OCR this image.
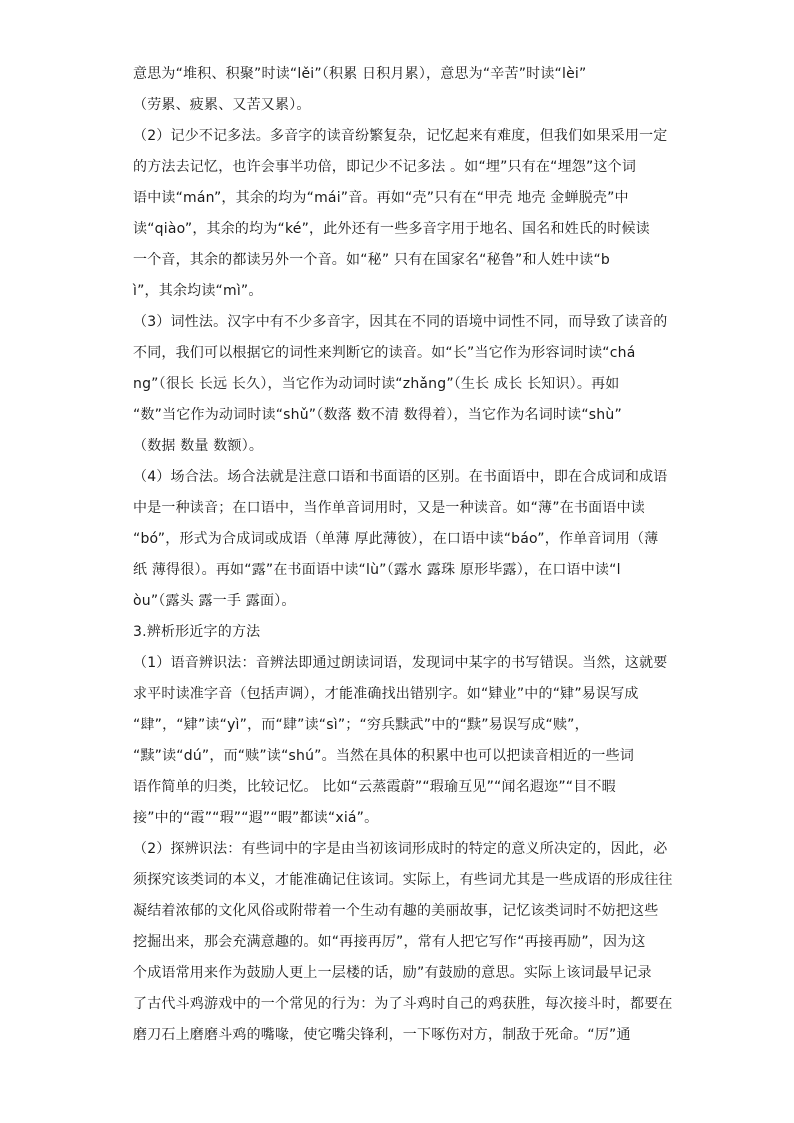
意思为“堆积、积聚”时读“lěi”（积累 日积月累），意思为“辛苦”时读“lèi”
（劳累、疲累、又苦又累）。
（2）记少不记多法。多音字的读音纷繁复杂，记忆起来有难度，但我们如果采用一定
的方法去记忆，也许会事半功倍，即记少不记多法 。如“埋”只有在“埋怨”这个词
语中读“mán”，其余的均为“mái”音。再如“壳”只有在“甲壳 地壳 金蝉脱壳”中
读“qiào”，其余的均为“ké”，此外还有一些多音字用于地名、国名和姓氏的时候读
一个音，其余的都读另外一个音。如“秘” 只有在国家名“秘鲁”和人姓中读“b
ì”，其余均读“mì”。
（3）词性法。汉字中有不少多音字，因其在不同的语境中词性不同，而导致了读音的
不同，我们可以根据它的词性来判断它的读音。如“长”当它作为形容词时读“chá
ng”（很长 长远 长久），当它作为动词时读“zhǎng”（生长 成长 长知识）。再如
“数”当它作为动词时读“shǔ”（数落 数不清 数得着），当它作为名词时读“shù”
（数据 数量 数额）。
（4）场合法。场合法就是注意口语和书面语的区别。在书面语中，即在合成词和成语
中是一种读音；在口语中，当作单音词用时，又是一种读音。如“薄”在书面语中读
“bó”，形式为合成词或成语（单薄 厚此薄彼），在口语中读“báo”，作单音词用（薄
纸 薄得很）。再如“露”在书面语中读“lù”（露水 露珠 原形毕露），在口语中读“l
òu”（露头 露一手 露面）。
3.辨析形近字的方法
（1）语音辨识法：音辨法即通过朗读词语，发现词中某字的书写错误。当然，这就要
求平时读准字音（包括声调），才能准确找出错别字。如“肄业”中的“肄”易误写成
“肆”，“肄”读“yì”，而“肆”读“sì”；“穷兵黩武”中的“黩”易误写成“赎”，
“黩”读“dú”，而“赎”读“shú”。当然在具体的积累中也可以把读音相近的一些词
语作简单的归类，比较记忆。 比如“云蒸霞蔚”“瑕瑜互见”“闻名遐迩”“目不暇
接”中的“霞”“瑕”“遐”“暇”都读“xiá”。
（2）探辨识法：有些词中的字是由当初该词形成时的特定的意义所决定的，因此，必
须探究该类词的本义，才能准确记住该词。实际上，有些词尤其是一些成语的形成往往
凝结着浓郁的文化风俗或附带着一个生动有趣的美丽故事，记忆该类词时不妨把这些
挖掘出来，那会充满意趣的。如“再接再厉”，常有人把它写作“再接再励”，因为这
个成语常用来作为鼓励人更上一层楼的话，励”有鼓励的意思。实际上该词最早记录
了古代斗鸡游戏中的一个常见的行为：为了斗鸡时自己的鸡获胜，每次接斗时，都要在
磨刀石上磨磨斗鸡的嘴喙，使它嘴尖锋利，一下啄伤对方，制敌于死命。“厉”通
